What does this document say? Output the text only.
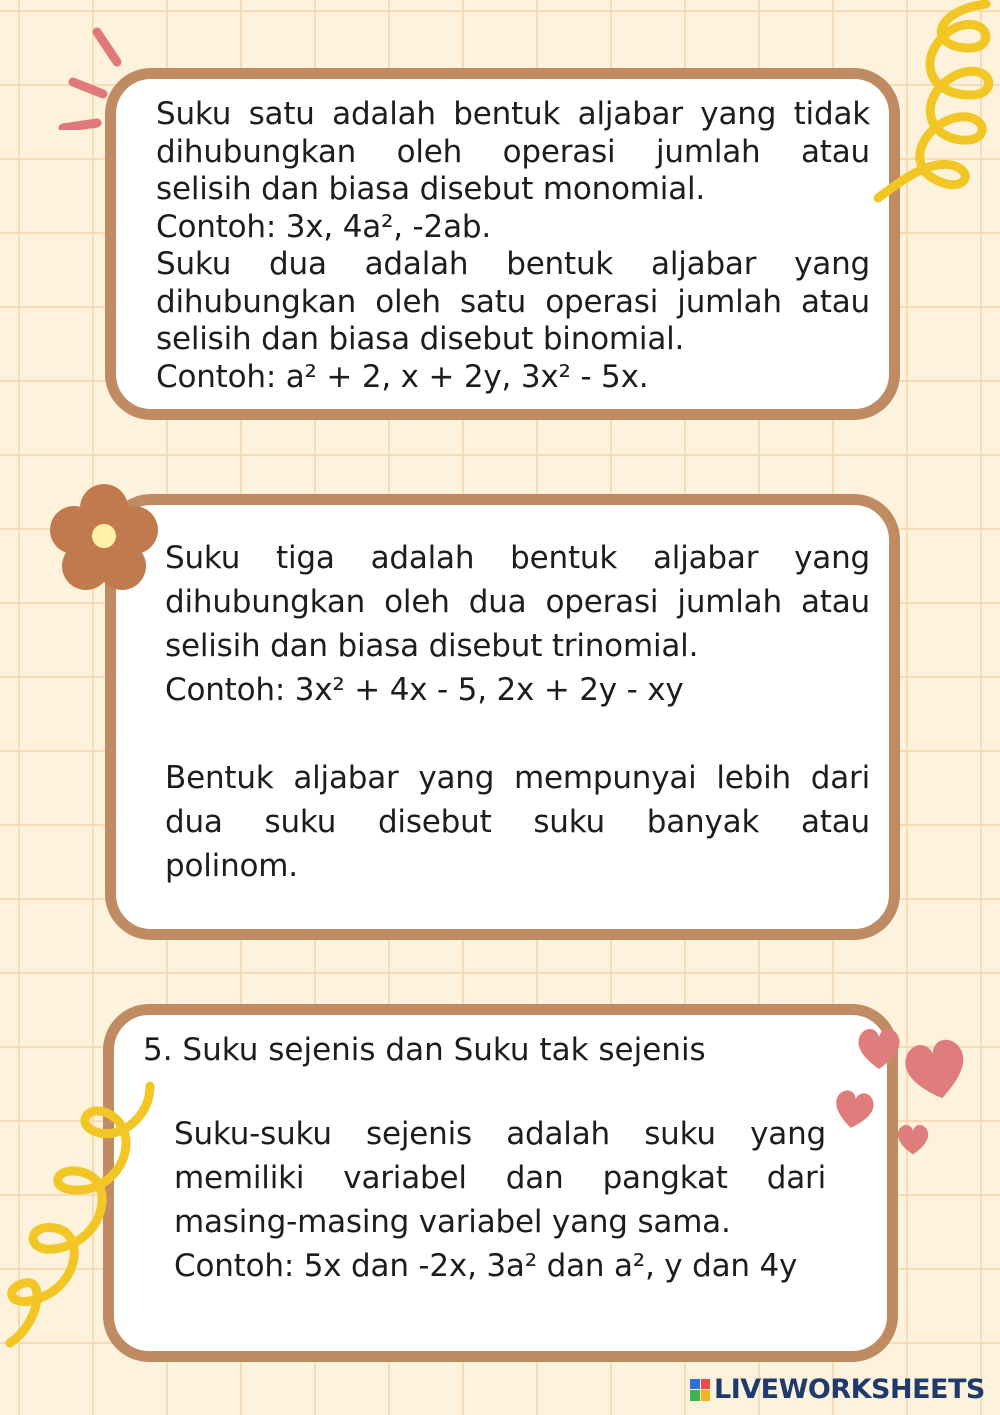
Suku satu adalah bentuk aljabar yang tidak
dihubungkan oleh operasi jumlah atau
selisih dan biasa disebut monomial.
Contoh: 3x, 4a², -2ab.
Suku dua adalah bentuk aljabar yang
dihubungkan oleh satu operasi jumlah atau
selisih dan biasa disebut binomial.
Contoh: a² + 2, x + 2y, 3x² - 5x.
Suku tiga adalah bentuk aljabar yang
dihubungkan oleh dua operasi jumlah atau
selisih dan biasa disebut trinomial.
Contoh: 3x² + 4x - 5, 2x + 2y - xy
Bentuk aljabar yang mempunyai lebih dari
dua suku disebut suku banyak atau
polinom.

5. Suku sejenis dan Suku tak sejenis

Suku-suku sejenis adalah suku yang
memiliki variabel dan pangkat dari
masing-masing variabel yang sama.
Contoh: 5x dan -2x, 3a² dan a², y dan 4y
LIVEWORKSHEETS
